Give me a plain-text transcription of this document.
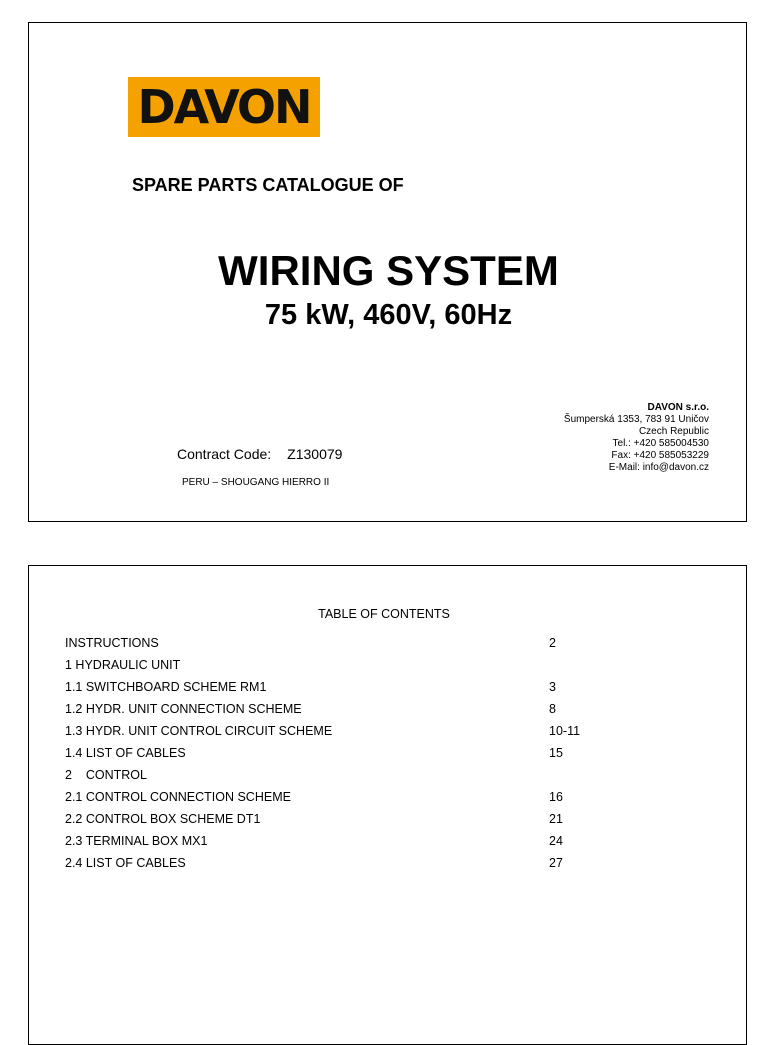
DAVON
SPARE PARTS CATALOGUE OF
WIRING SYSTEM
75 kW, 460V, 60Hz
Contract Code: Z130079
PERU – SHOUGANG HIERRO II
DAVON s.r.o.
Šumperská 1353, 783 91 Uničov
Czech Republic
Tel.: +420 585004530
Fax: +420 585053229
E-Mail: info@davon.cz
TABLE OF CONTENTS
INSTRUCTIONS	2
1 HYDRAULIC UNIT
1.1 SWITCHBOARD SCHEME RM1	3
1.2 HYDR. UNIT CONNECTION SCHEME	8
1.3 HYDR. UNIT CONTROL CIRCUIT SCHEME	10-11
1.4 LIST OF CABLES	15
2    CONTROL
2.1 CONTROL CONNECTION SCHEME	16
2.2 CONTROL BOX SCHEME DT1	21
2.3 TERMINAL BOX MX1	24
2.4 LIST OF CABLES	27
